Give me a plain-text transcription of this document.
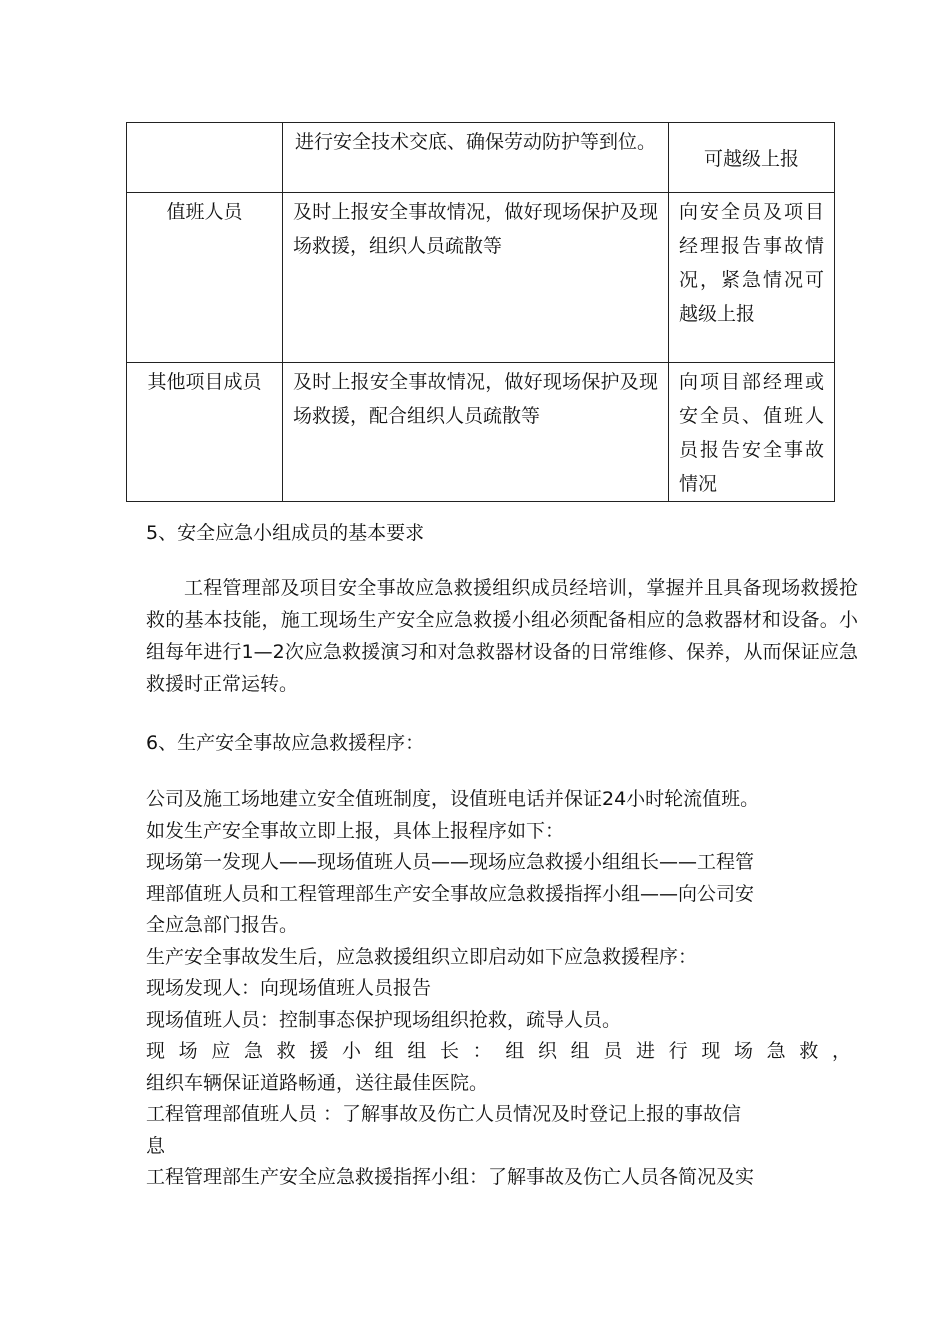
	进行安全技术交底、确保劳动防护等到位。	可越级上报
值班人员	及时上报安全事故情况，做好现场保护及现场救援，组织人员疏散等	向安全员及项目经理报告事故情况，紧急情况可越级上报
其他项目成员	及时上报安全事故情况，做好现场保护及现场救援，配合组织人员疏散等	向项目部经理或安全员、值班人员报告安全事故情况

5、安全应急小组成员的基本要求

工程管理部及项目安全事故应急救援组织成员经培训，掌握并且具备现场救援抢救的基本技能，施工现场生产安全应急救援小组必须配备相应的急救器材和设备。小组每年进行1—2次应急救援演习和对急救器材设备的日常维修、保养，从而保证应急救援时正常运转。

6、生产安全事故应急救援程序：

公司及施工场地建立安全值班制度，设值班电话并保证24小时轮流值班。
如发生产安全事故立即上报，具体上报程序如下：
现场第一发现人——现场值班人员——现场应急救援小组组长——工程管
理部值班人员和工程管理部生产安全事故应急救援指挥小组——向公司安
全应急部门报告。
生产安全事故发生后，应急救援组织立即启动如下应急救援程序：
现场发现人：向现场值班人员报告
现场值班人员：控制事态保护现场组织抢救，疏导人员。
现场应急救援小组组长：组织组员进行现场急救，
组织车辆保证道路畅通，送往最佳医院。
工程管理部值班人员 ：了解事故及伤亡人员情况及时登记上报的事故信
息
工程管理部生产安全应急救援指挥小组：了解事故及伤亡人员各简况及实
